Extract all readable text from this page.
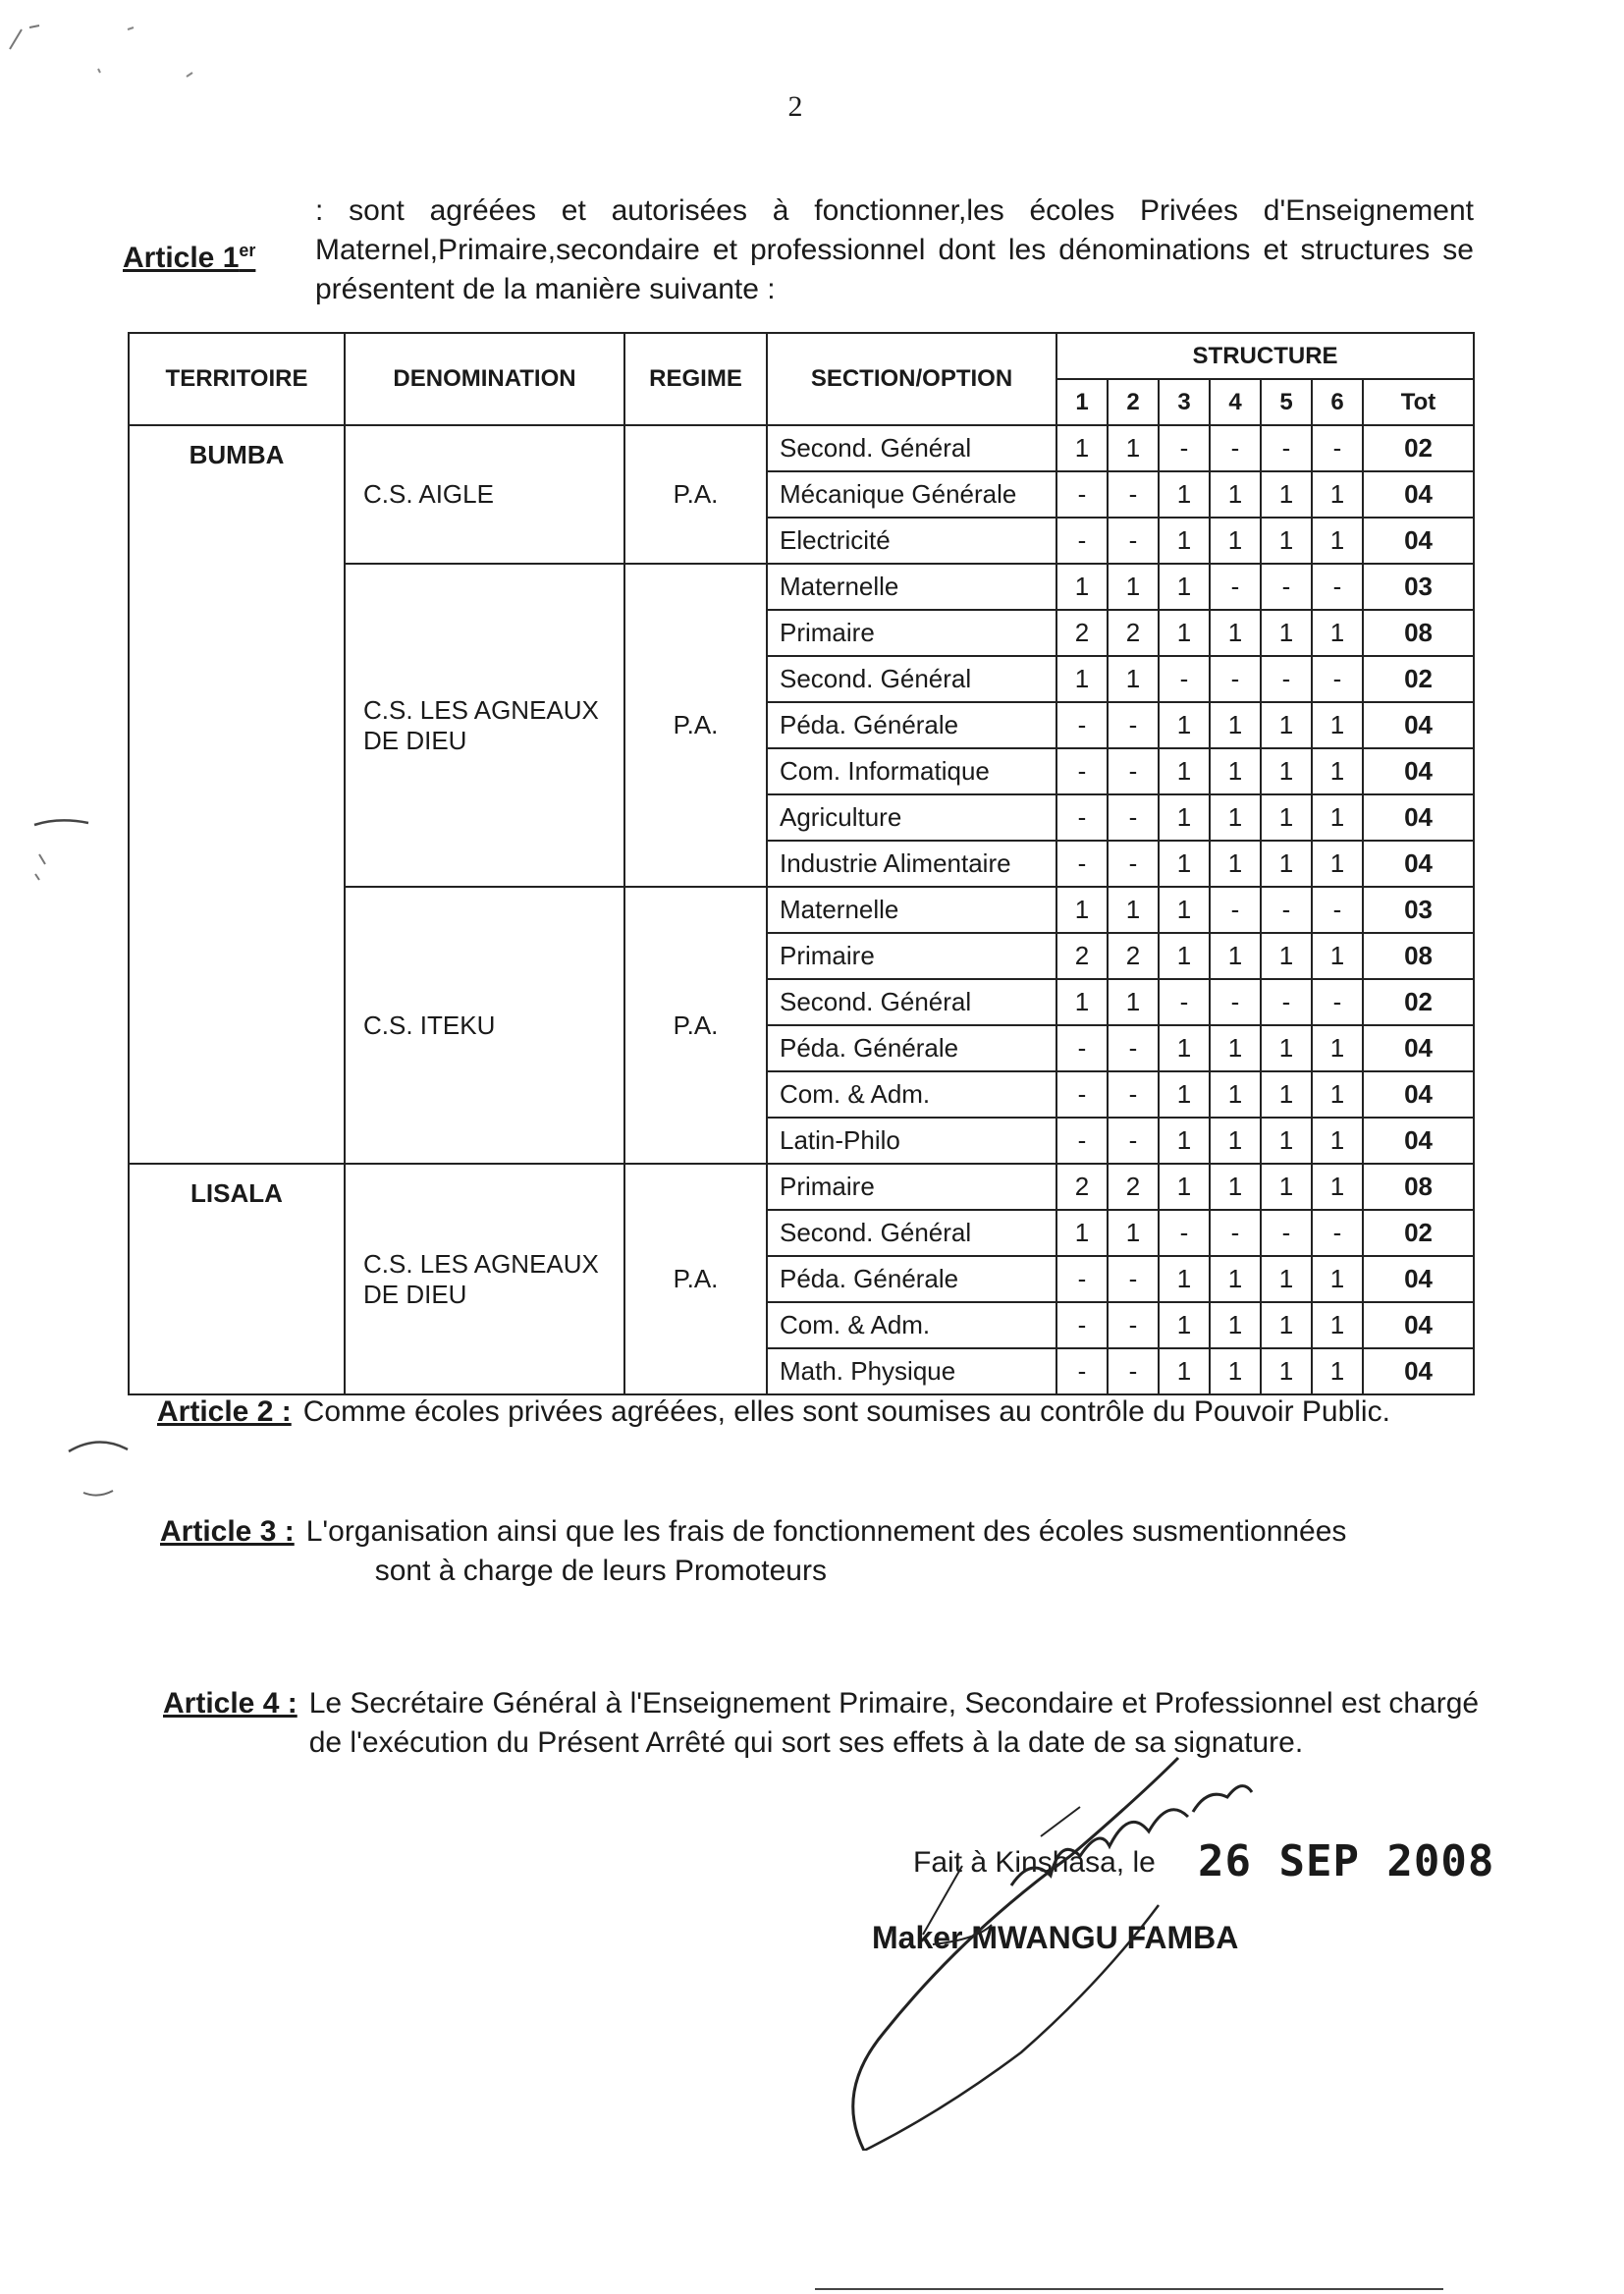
2
Article 1er
: sont agréées et autorisées à fonctionner,les écoles Privées d'Enseignement Maternel,Primaire,secondaire et professionnel dont les dénominations et structures se présentent de la manière suivante :
TERRITOIRE	DENOMINATION	REGIME	SECTION/OPTION	STRUCTURE						
				1	2	3	4	5	6	Tot
BUMBA	C.S. AIGLE	P.A.	Second. Général	1	1	-	-	-	-	02
			Mécanique Générale	-	-	1	1	1	1	04
			Electricité	-	-	1	1	1	1	04
	C.S. LES AGNEAUX DE DIEU	P.A.	Maternelle	1	1	1	-	-	-	03
			Primaire	2	2	1	1	1	1	08
			Second. Général	1	1	-	-	-	-	02
			Péda. Générale	-	-	1	1	1	1	04
			Com. Informatique	-	-	1	1	1	1	04
			Agriculture	-	-	1	1	1	1	04
			Industrie Alimentaire	-	-	1	1	1	1	04
	C.S. ITEKU	P.A.	Maternelle	1	1	1	-	-	-	03
			Primaire	2	2	1	1	1	1	08
			Second. Général	1	1	-	-	-	-	02
			Péda. Générale	-	-	1	1	1	1	04
			Com. & Adm.	-	-	1	1	1	1	04
			Latin-Philo	-	-	1	1	1	1	04
LISALA	C.S. LES AGNEAUX DE DIEU	P.A.	Primaire	2	2	1	1	1	1	08
			Second. Général	1	1	-	-	-	-	02
			Péda. Générale	-	-	1	1	1	1	04
			Com. & Adm.	-	-	1	1	1	1	04
			Math. Physique	-	-	1	1	1	1	04
Article 2 : Comme écoles privées agréées, elles sont soumises au contrôle du Pouvoir Public.
Article 3 : L'organisation ainsi que les frais de fonctionnement des écoles susmentionnées
sont à charge de leurs Promoteurs
Article 4 : Le Secrétaire Général à l'Enseignement Primaire, Secondaire et Professionnel est chargé de l'exécution du Présent Arrêté qui sort ses effets à la date de sa signature.
Fait à Kinshasa, le 26 SEP 2008
Maker MWANGU FAMBA
